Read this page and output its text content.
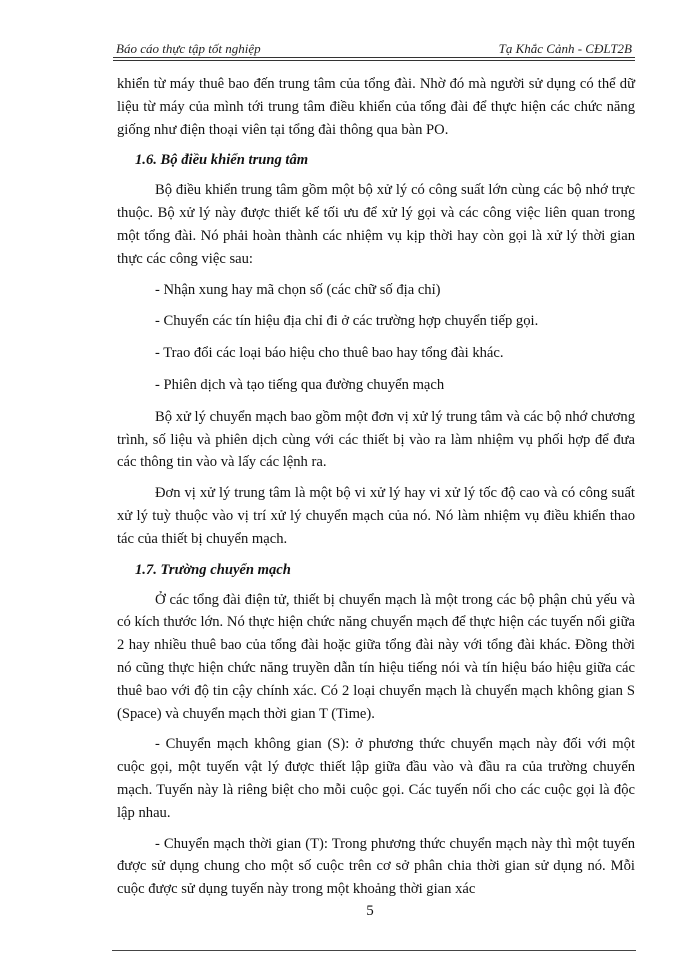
Báo cáo thực tập tốt nghiệp	Tạ Khắc Cảnh - CĐLT2B

khiển từ máy thuê bao đến trung tâm của tổng đài. Nhờ đó mà người sử dụng có thể dữ liệu từ máy của mình tới trung tâm điều khiển của tổng đài để thực hiện các chức năng giống như điện thoại viên tại tổng đài thông qua bàn PO.

1.6. Bộ điều khiển trung tâm

Bộ điều khiển trung tâm gồm một bộ xử lý có công suất lớn cùng các bộ nhớ trực thuộc. Bộ xử lý này được thiết kế tối ưu để xử lý gọi và các công việc liên quan trong một tổng đài. Nó phải hoàn thành các nhiệm vụ kịp thời hay còn gọi là xử lý thời gian thực các công việc sau:

- Nhận xung hay mã chọn số (các chữ số địa chỉ)

- Chuyển các tín hiệu địa chỉ đi ở các trường hợp chuyển tiếp gọi.

- Trao đổi các loại báo hiệu cho thuê bao hay tổng đài khác.

- Phiên dịch và tạo tiếng qua đường chuyển mạch

Bộ xử lý chuyển mạch bao gồm một đơn vị xử lý trung tâm và các bộ nhớ chương trình, số liệu và phiên dịch cùng với các thiết bị vào ra làm nhiệm vụ phối hợp để đưa các thông tin vào và lấy các lệnh ra.

Đơn vị xử lý trung tâm là một bộ vi xử lý hay vi xử lý tốc độ cao và có công suất xử lý tuỳ thuộc vào vị trí xử lý chuyển mạch của nó. Nó làm nhiệm vụ điều khiển thao tác của thiết bị chuyển mạch.

1.7. Trường chuyển mạch

Ở các tổng đài điện tử, thiết bị chuyển mạch là một trong các bộ phận chủ yếu và có kích thước lớn. Nó thực hiện chức năng chuyển mạch để thực hiện các tuyến nối giữa 2 hay nhiều thuê bao của tổng đài hoặc giữa tổng đài này với tổng đài khác. Đồng thời nó cũng thực hiện chức năng truyền dẫn tín hiệu tiếng nói và tín hiệu báo hiệu giữa các thuê bao với độ tin cậy chính xác. Có 2 loại chuyển mạch là chuyển mạch không gian S (Space) và chuyển mạch thời gian T (Time).

- Chuyển mạch không gian (S): ở phương thức chuyển mạch này đối với một cuộc gọi, một tuyến vật lý được thiết lập giữa đầu vào và đầu ra của trường chuyển mạch. Tuyến này là riêng biệt cho mỗi cuộc gọi. Các tuyến nối cho các cuộc gọi là độc lập nhau.

- Chuyển mạch thời gian (T): Trong phương thức chuyển mạch này thì một tuyến được sử dụng chung cho một số cuộc trên cơ sở phân chia thời gian sử dụng nó. Mỗi cuộc được sử dụng tuyến này trong một khoảng thời gian xác

5
